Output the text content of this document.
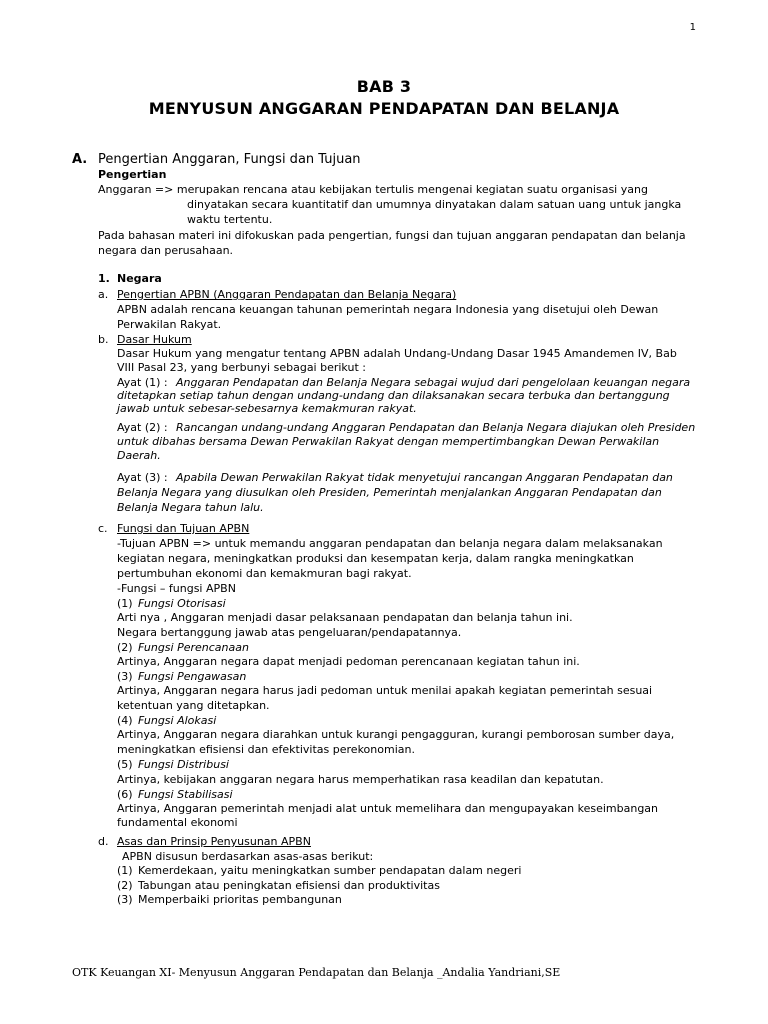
1
BAB 3
MENYUSUN ANGGARAN PENDAPATAN DAN BELANJA
A. Pengertian Anggaran, Fungsi dan Tujuan
Pengertian
Anggaran => merupakan rencana atau kebijakan tertulis mengenai kegiatan suatu organisasi yang
dinyatakan secara kuantitatif dan umumnya dinyatakan dalam satuan uang untuk jangka
waktu tertentu.
Pada bahasan materi ini difokuskan pada pengertian, fungsi dan tujuan anggaran pendapatan dan belanja
negara dan perusahaan.
1. Negara
a. Pengertian APBN (Anggaran Pendapatan dan Belanja Negara)
APBN adalah rencana keuangan tahunan pemerintah negara Indonesia yang disetujui oleh Dewan
Perwakilan Rakyat.
b. Dasar Hukum
Dasar Hukum yang mengatur tentang APBN adalah Undang-Undang Dasar 1945 Amandemen IV, Bab
VIII Pasal 23, yang berbunyi sebagai berikut :
Ayat (1) : Anggaran Pendapatan dan Belanja Negara sebagai wujud dari pengelolaan keuangan negara
ditetapkan setiap tahun dengan undang-undang dan dilaksanakan secara terbuka dan bertanggung
jawab untuk sebesar-sebesarnya kemakmuran rakyat.
Ayat (2) : Rancangan undang-undang Anggaran Pendapatan dan Belanja Negara diajukan oleh Presiden
untuk dibahas bersama Dewan Perwakilan Rakyat dengan mempertimbangkan Dewan Perwakilan
Daerah.
Ayat (3) : Apabila Dewan Perwakilan Rakyat tidak menyetujui rancangan Anggaran Pendapatan dan
Belanja Negara yang diusulkan oleh Presiden, Pemerintah menjalankan Anggaran Pendapatan dan
Belanja Negara tahun lalu.
c. Fungsi dan Tujuan APBN
-Tujuan APBN => untuk memandu anggaran pendapatan dan belanja negara dalam melaksanakan
kegiatan negara, meningkatkan produksi dan kesempatan kerja, dalam rangka meningkatkan
pertumbuhan ekonomi dan kemakmuran bagi rakyat.
-Fungsi – fungsi APBN
(1) Fungsi Otorisasi
Arti nya , Anggaran menjadi dasar pelaksanaan pendapatan dan belanja tahun ini.
Negara bertanggung jawab atas pengeluaran/pendapatannya.
(2) Fungsi Perencanaan
Artinya, Anggaran negara dapat menjadi pedoman perencanaan kegiatan tahun ini.
(3) Fungsi Pengawasan
Artinya, Anggaran negara harus jadi pedoman untuk menilai apakah kegiatan pemerintah sesuai
ketentuan yang ditetapkan.
(4) Fungsi Alokasi
Artinya, Anggaran negara diarahkan untuk kurangi pengagguran, kurangi pemborosan sumber daya,
meningkatkan efisiensi dan efektivitas perekonomian.
(5) Fungsi Distribusi
Artinya, kebijakan anggaran negara harus memperhatikan rasa keadilan dan kepatutan.
(6) Fungsi Stabilisasi
Artinya, Anggaran pemerintah menjadi alat untuk memelihara dan mengupayakan keseimbangan
fundamental ekonomi
d. Asas dan Prinsip Penyusunan APBN
APBN disusun berdasarkan asas-asas berikut:
(1) Kemerdekaan, yaitu meningkatkan sumber pendapatan dalam negeri
(2) Tabungan atau peningkatan efisiensi dan produktivitas
(3) Memperbaiki prioritas pembangunan
OTK Keuangan XI- Menyusun Anggaran Pendapatan dan Belanja _Andalia Yandriani,SE
